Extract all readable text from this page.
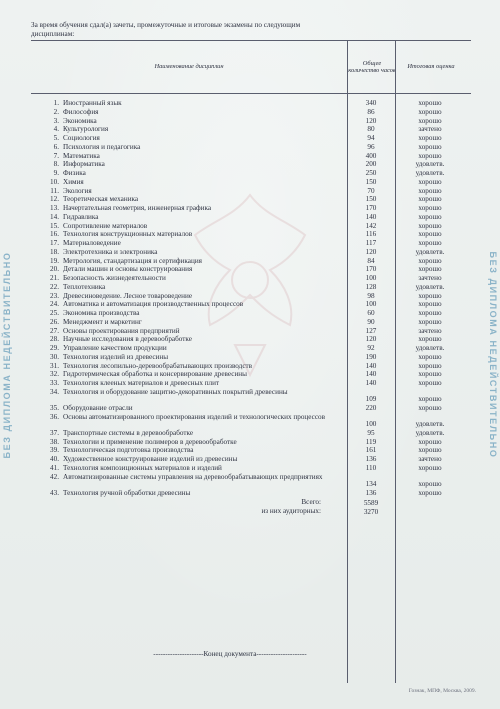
БЕЗ ДИПЛОМА НЕДЕЙСТВИТЕЛЬНО	БЕЗ ДИПЛОМА НЕДЕЙСТВИТЕЛЬНО
За время обучения сдал(а) зачеты, промежуточные и итоговые экзамены по следующим дисциплинам:
Наименование дисциплин
Общее количество часов
Итоговая оценка
1. Иностранный язык	340	хорошо
2. Философия	86	хорошо
3. Экономика	120	хорошо
4. Культурология	80	зачтено
5. Социология	94	хорошо
6. Психология и педагогика	96	хорошо
7. Математика	400	хорошо
8. Информатика	200	удовлетв.
9. Физика	250	удовлетв.
10. Химия	150	хорошо
11. Экология	70	хорошо
12. Теоретическая механика	150	хорошо
13. Начертательная геометрия, инженерная графика	170	хорошо
14. Гидравлика	140	хорошо
15. Сопротивление материалов	142	хорошо
16. Технология конструкционных материалов	116	хорошо
17. Материаловедение	117	хорошо
18. Электротехника и электроника	120	удовлетв.
19. Метрология, стандартизация и сертификация	84	хорошо
20. Детали машин и основы конструирования	170	хорошо
21. Безопасность жизнедеятельности	100	зачтено
22. Теплотехника	128	удовлетв.
23. Древесиноведение. Лесное товароведение	98	хорошо
24. Автоматика и автоматизация производственных процессов	100	хорошо
25. Экономика производства	60	хорошо
26. Менеджмент и маркетинг	90	хорошо
27. Основы проектирования предприятий	127	зачтено
28. Научные исследования в деревообработке	120	хорошо
29. Управление качеством продукции	92	удовлетв.
30. Технология изделий из древесины	190	хорошо
31. Технология лесопильно-деревообрабатывающих производств	140	хорошо
32. Гидротермическая обработка и консервирование древесины	140	хорошо
33. Технология клееных материалов и древесных плит	140	хорошо
34. Технология и оборудование защитно-декоративных покрытий древесины
109	хорошо
35. Оборудование отрасли	220	хорошо
36. Основы автоматизированного проектирования изделий и технологических процессов
100	удовлетв.
37. Транспортные системы в деревообработке	95	удовлетв.
38. Технологии и применение полимеров в деревообработке	119	хорошо
39. Технологическая подготовка производства	161	хорошо
40. Художественное конструирование изделий из древесины	136	зачтено
41. Технология композиционных материалов и изделий	110	хорошо
42. Автоматизированные системы управления на деревообрабатывающих предприятиях
134	хорошо
43. Технология ручной обработки древесины	136	хорошо
Всего:	5589
из них аудиторных:	3270
---------------------Конец документа---------------------
Гознак, МПФ, Москва, 2009.
